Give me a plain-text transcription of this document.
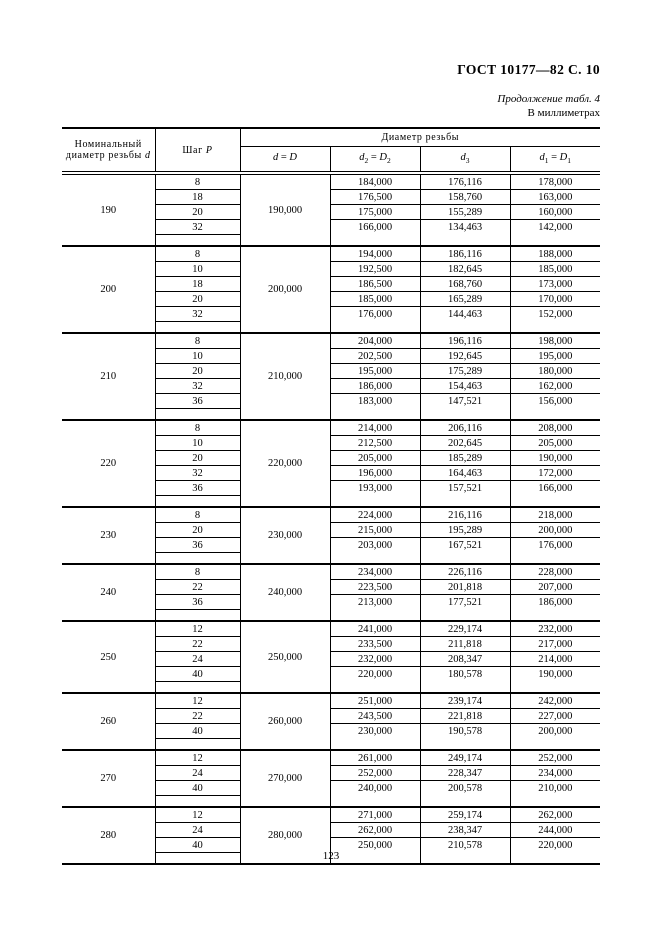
ГОСТ 10177—82 С. 10
Продолжение табл. 4
В миллиметрах
Номинальный диаметр резьбы d	Шаг P	Диаметр резьбы			
		d = D	$d_2 = D_2$	$d_3$	$d_1 = D_1$
190	8	190,000	184,000	176,116	178,000
	18		176,500	158,760	163,000
	20		175,000	155,289	160,000
	32		166,000	134,463	142,000

200	8	200,000	194,000	186,116	188,000
	10		192,500	182,645	185,000
	18		186,500	168,760	173,000
	20		185,000	165,289	170,000
	32		176,000	144,463	152,000

210	8	210,000	204,000	196,116	198,000
	10		202,500	192,645	195,000
	20		195,000	175,289	180,000
	32		186,000	154,463	162,000
	36		183,000	147,521	156,000

220	8	220,000	214,000	206,116	208,000
	10		212,500	202,645	205,000
	20		205,000	185,289	190,000
	32		196,000	164,463	172,000
	36		193,000	157,521	166,000

230	8	230,000	224,000	216,116	218,000
	20		215,000	195,289	200,000
	36		203,000	167,521	176,000

240	8	240,000	234,000	226,116	228,000
	22		223,500	201,818	207,000
	36		213,000	177,521	186,000

250	12	250,000	241,000	229,174	232,000
	22		233,500	211,818	217,000
	24		232,000	208,347	214,000
	40		220,000	180,578	190,000

260	12	260,000	251,000	239,174	242,000
	22		243,500	221,818	227,000
	40		230,000	190,578	200,000

270	12	270,000	261,000	249,174	252,000
	24		252,000	228,347	234,000
	40		240,000	200,578	210,000

280	12	280,000	271,000	259,174	262,000
	24		262,000	238,347	244,000
	40		250,000	210,578	220,000

123
